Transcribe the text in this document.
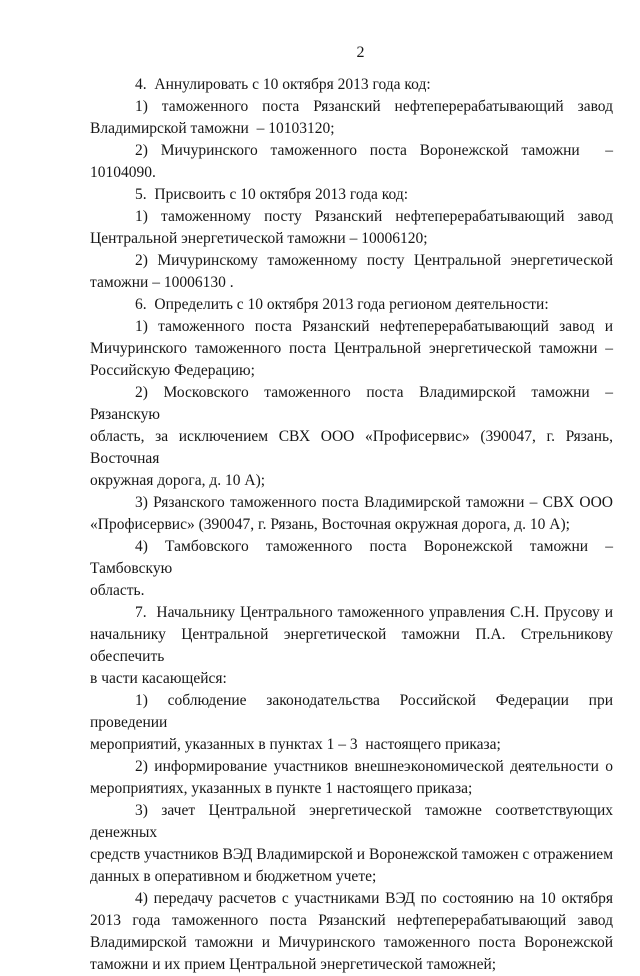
2
4.  Аннулировать с 10 октября 2013 года код:
1) таможенного поста Рязанский нефтеперерабатывающий завод
Владимирской таможни  – 10103120;
2) Мичуринского таможенного поста Воронежской таможни  – 10104090.
5.  Присвоить с 10 октября 2013 года код:
1) таможенному посту Рязанский нефтеперерабатывающий завод
Центральной энергетической таможни – 10006120;
2) Мичуринскому таможенному посту Центральной энергетической
таможни – 10006130 .
6.  Определить с 10 октября 2013 года регионом деятельности:
1) таможенного поста Рязанский нефтеперерабатывающий завод и
Мичуринского таможенного поста Центральной энергетической таможни –
Российскую Федерацию;
2) Московского таможенного поста Владимирской таможни – Рязанскую
область, за исключением СВХ ООО «Профисервис» (390047, г. Рязань, Восточная
окружная дорога, д. 10 А);
3) Рязанского таможенного поста Владимирской таможни – СВХ ООО
«Профисервис» (390047, г. Рязань, Восточная окружная дорога, д. 10 А);
4) Тамбовского таможенного поста Воронежской таможни – Тамбовскую
область.
7.  Начальнику Центрального таможенного управления С.Н. Прусову и
начальнику Центральной энергетической таможни П.А. Стрельникову обеспечить
в части касающейся:
1) соблюдение законодательства Российской Федерации при проведении
мероприятий, указанных в пунктах 1 – 3  настоящего приказа;
2) информирование участников внешнеэкономической деятельности о
мероприятиях, указанных в пункте 1 настоящего приказа;
3) зачет Центральной энергетической таможне соответствующих денежных
средств участников ВЭД Владимирской и Воронежской таможен с отражением
данных в оперативном и бюджетном учете;
4) передачу расчетов с участниками ВЭД по состоянию на 10 октября
2013 года таможенного поста Рязанский нефтеперерабатывающий завод
Владимирской таможни и Мичуринского таможенного поста Воронежской
таможни и их прием Центральной энергетической таможней;
